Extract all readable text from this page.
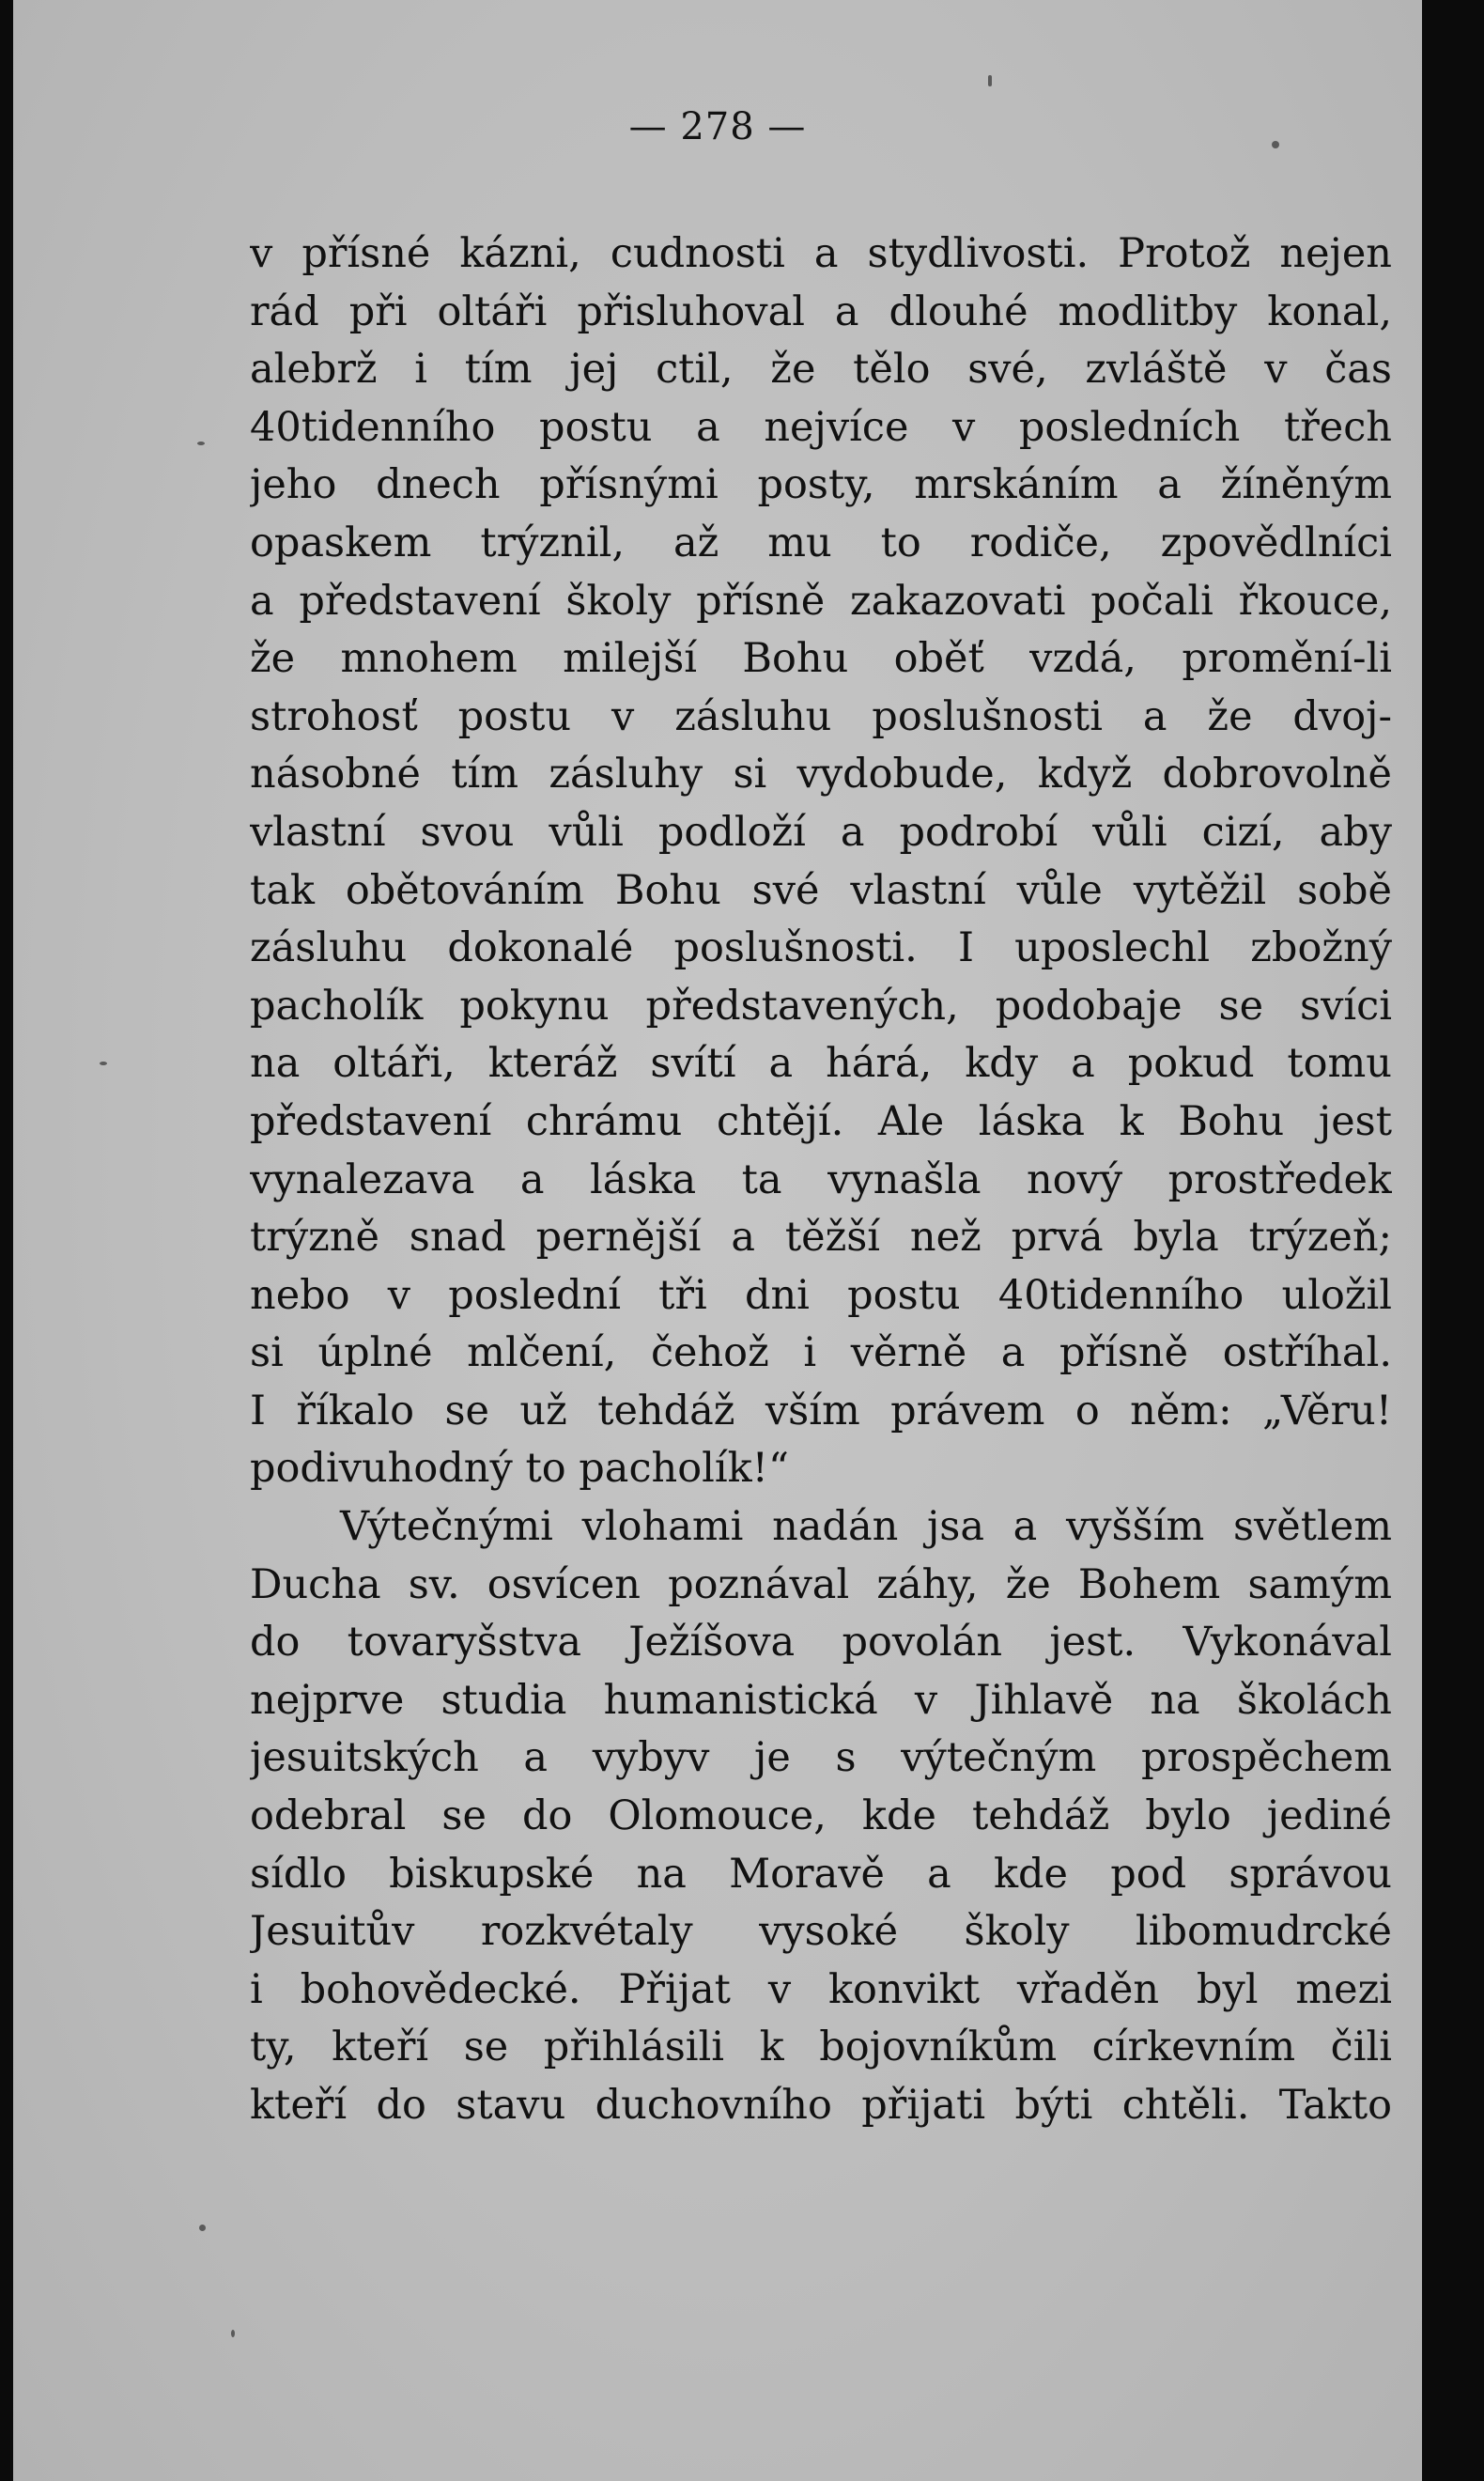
— 278 —
v přísné kázni, cudnosti a stydlivosti. Protož nejen
rád při oltáři přisluhoval a dlouhé modlitby konal,
alebrž i tím jej ctil, že tělo své, zvláště v čas
40tidenního postu a nejvíce v posledních třech
jeho dnech přísnými posty, mrskáním a žíněným
opaskem trýznil, až mu to rodiče, zpovědlníci
a představení školy přísně zakazovati počali řkouce,
že mnohem milejší Bohu oběť vzdá, promění-li
strohosť postu v zásluhu poslušnosti a že dvoj-
násobné tím zásluhy si vydobude, když dobrovolně
vlastní svou vůli podloží a podrobí vůli cizí, aby
tak obětováním Bohu své vlastní vůle vytěžil sobě
zásluhu dokonalé poslušnosti. I uposlechl zbožný
pacholík pokynu představených, podobaje se svíci
na oltáři, kteráž svítí a hárá, kdy a pokud tomu
představení chrámu chtějí. Ale láska k Bohu jest
vynalezava a láska ta vynašla nový prostředek
trýzně snad pernější a těžší než prvá byla trýzeň;
nebo v poslední tři dni postu 40tidenního uložil
si úplné mlčení, čehož i věrně a přísně ostříhal.
I říkalo se už tehdáž vším právem o něm: „Věru!
podivuhodný to pacholík!“
Výtečnými vlohami nadán jsa a vyšším světlem
Ducha sv. osvícen poznával záhy, že Bohem samým
do tovaryšstva Ježíšova povolán jest. Vykonával
nejprve studia humanistická v Jihlavě na školách
jesuitských a vybyv je s výtečným prospěchem
odebral se do Olomouce, kde tehdáž bylo jediné
sídlo biskupské na Moravě a kde pod správou
Jesuitův rozkvétaly vysoké školy libomudrcké
i bohovědecké. Přijat v konvikt vřaděn byl mezi
ty, kteří se přihlásili k bojovníkům církevním čili
kteří do stavu duchovního přijati býti chtěli. Takto
